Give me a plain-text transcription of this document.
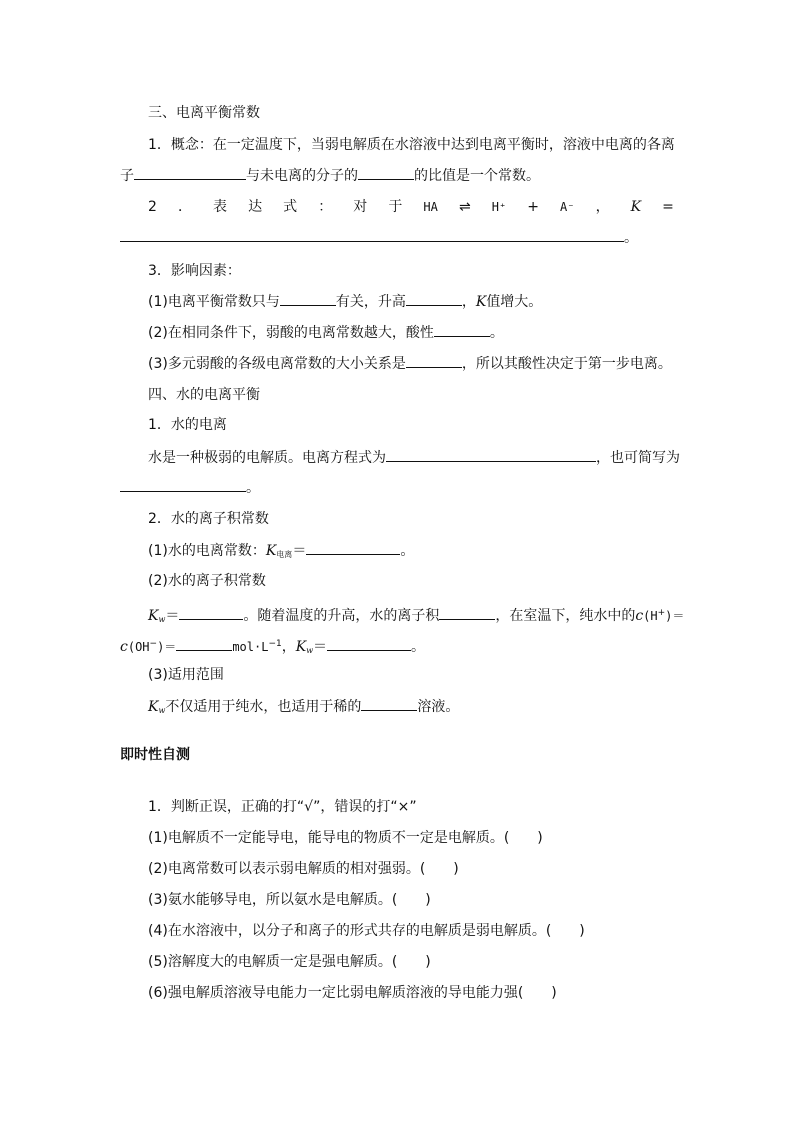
三、电离平衡常数
1．概念：在一定温度下，当弱电解质在水溶液中达到电离平衡时，溶液中电离的各离
子	与未电离的分子的	的比值是一个常数。
2 ． 表 达 式 ： 对 于 HA ⇌ H⁺ + A⁻ ， K =
。
3．影响因素：
(1)电离平衡常数只与	有关，升高	，K值增大。
(2)在相同条件下，弱酸的电离常数越大，酸性	。
(3)多元弱酸的各级电离常数的大小关系是	，所以其酸性决定于第一步电离。
四、水的电离平衡
1．水的电离
水是一种极弱的电解质。电离方程式为	，也可简写为
。
2．水的离子积常数
(1)水的电离常数：$K_{电离}=$	。
(2)水的离子积常数
$K_w=$	。随着温度的升高，水的离子积	，在室温下，纯水中的c(H+)＝
c(OH−)＝	$mol\cdot L^{-1}$，$K_w=$	。
(3)适用范围
$K_w$不仅适用于纯水，也适用于稀的	溶液。
即时性自测
1．判断正误，正确的打“√”，错误的打“×”
(1)电解质不一定能导电，能导电的物质不一定是电解质。(　　)
(2)电离常数可以表示弱电解质的相对强弱。(　　)
(3)氨水能够导电，所以氨水是电解质。(　　)
(4)在水溶液中，以分子和离子的形式共存的电解质是弱电解质。(　　)
(5)溶解度大的电解质一定是强电解质。(　　)
(6)强电解质溶液导电能力一定比弱电解质溶液的导电能力强(　　)
